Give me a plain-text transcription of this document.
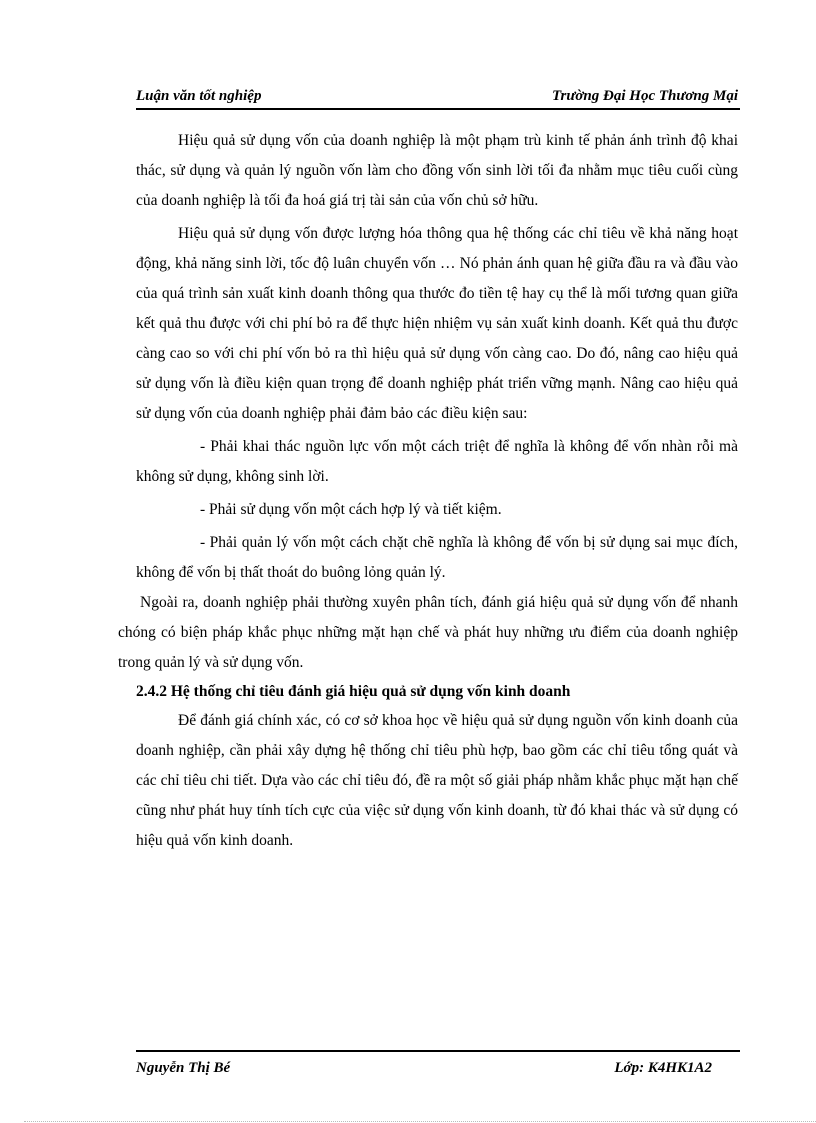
Luận văn tốt nghiệp	Trường Đại Học Thương Mại

Hiệu quả sử dụng vốn của doanh nghiệp là một phạm trù kinh tế phản ánh trình độ khai thác, sử dụng và quản lý nguồn vốn làm cho đồng vốn sinh lời tối đa nhằm mục tiêu cuối cùng của doanh nghiệp là tối đa hoá giá trị tài sản của vốn chủ sở hữu.

Hiệu quả sử dụng vốn được lượng hóa thông qua hệ thống các chỉ tiêu về khả năng hoạt động, khả năng sinh lời, tốc độ luân chuyển vốn … Nó phản ánh quan hệ giữa đầu ra và đầu vào của quá trình sản xuất kinh doanh thông qua thước đo tiền tệ hay cụ thể là mối tương quan giữa kết quả thu được với chi phí bỏ ra để thực hiện nhiệm vụ sản xuất kinh doanh. Kết quả thu được càng cao so với chi phí vốn bỏ ra thì hiệu quả sử dụng vốn càng cao. Do đó, nâng cao hiệu quả sử dụng vốn là điều kiện quan trọng để doanh nghiệp phát triển vững mạnh. Nâng cao hiệu quả sử dụng vốn của doanh nghiệp phải đảm bảo các điều kiện sau:

- Phải khai thác nguồn lực vốn một cách triệt để nghĩa là không để vốn nhàn rỗi mà không sử dụng, không sinh lời.

- Phải sử dụng vốn một cách hợp lý và tiết kiệm.

- Phải quản lý vốn một cách chặt chẽ nghĩa là không để vốn bị sử dụng sai mục đích, không để vốn bị thất thoát do buông lỏng quản lý.

Ngoài ra, doanh nghiệp phải thường xuyên phân tích, đánh giá hiệu quả sử dụng vốn để nhanh chóng có biện pháp khắc phục những mặt hạn chế và phát huy những ưu điểm của doanh nghiệp trong quản lý và sử dụng vốn.

2.4.2 Hệ thống chỉ tiêu đánh giá hiệu quả sử dụng vốn kinh doanh

Để đánh giá chính xác, có cơ sở khoa học về hiệu quả sử dụng nguồn vốn kinh doanh của doanh nghiệp, cần phải xây dựng hệ thống chỉ tiêu phù hợp, bao gồm các chỉ tiêu tổng quát và các chỉ tiêu chi tiết. Dựa vào các chỉ tiêu đó, đề ra một số giải pháp nhằm khắc phục mặt hạn chế cũng như phát huy tính tích cực của việc sử dụng vốn kinh doanh, từ đó khai thác và sử dụng có hiệu quả vốn kinh doanh.

Nguyễn Thị Bé	Lớp: K4HK1A2
